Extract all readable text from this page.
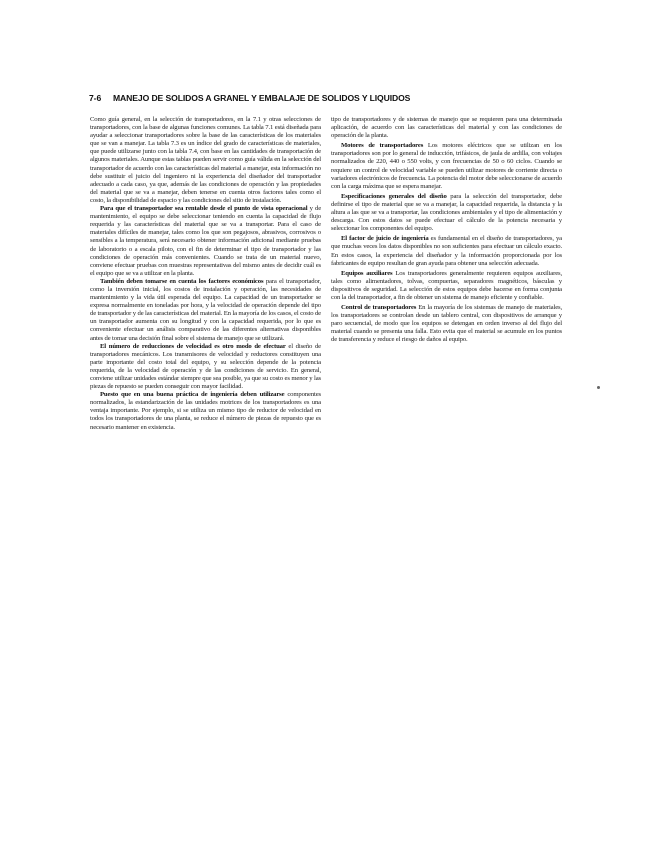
7-6 MANEJO DE SOLIDOS A GRANEL Y EMBALAJE DE SOLIDOS Y LIQUIDOS

Como guía general, en la selección de transportadores, en la 7.1 y otras selecciones de transportadores, con la base de algunas funciones comunes. La tabla 7.1 está diseñada para ayudar a seleccionar transportadores sobre la base de las características de los materiales que se van a manejar. La tabla 7.3 es un índice del grado de características de materiales, que puede utilizarse junto con la tabla 7.4, con base en las cantidades de transportación de algunos materiales. Aunque estas tablas pueden servir como guía válida en la selección del transportador de acuerdo con las características del material a manejar, esta información no debe sustituir el juicio del ingeniero ni la experiencia del diseñador del transportador adecuado a cada caso, ya que, además de las condiciones de operación y las propiedades del material que se va a manejar, deben tenerse en cuenta otros factores tales como el costo, la disponibilidad de espacio y las condiciones del sitio de instalación.

Para que el transportador sea rentable desde el punto de vista operacional y de mantenimiento, el equipo se debe seleccionar teniendo en cuenta la capacidad de flujo requerida y las características del material que se va a transportar. Para el caso de materiales difíciles de manejar, tales como los que son pegajosos, abrasivos, corrosivos o sensibles a la temperatura, será necesario obtener información adicional mediante pruebas de laboratorio o a escala piloto, con el fin de determinar el tipo de transportador y las condiciones de operación más convenientes. Cuando se trata de un material nuevo, conviene efectuar pruebas con muestras representativas del mismo antes de decidir cuál es el equipo que se va a utilizar en la planta.

También deben tomarse en cuenta los factores económicos para el transportador, como la inversión inicial, los costos de instalación y operación, las necesidades de mantenimiento y la vida útil esperada del equipo. La capacidad de un transportador se expresa normalmente en toneladas por hora, y la velocidad de operación depende del tipo de transportador y de las características del material. En la mayoría de los casos, el costo de un transportador aumenta con su longitud y con la capacidad requerida, por lo que es conveniente efectuar un análisis comparativo de las diferentes alternativas disponibles antes de tomar una decisión final sobre el sistema de manejo que se utilizará.

El número de reducciones de velocidad es otro modo de efectuar el diseño de transportadores mecánicos. Los transmisores de velocidad y reductores constituyen una parte importante del costo total del equipo, y su selección depende de la potencia requerida, de la velocidad de operación y de las condiciones de servicio. En general, conviene utilizar unidades estándar siempre que sea posible, ya que su costo es menor y las piezas de repuesto se pueden conseguir con mayor facilidad.

Puesto que en una buena práctica de ingeniería deben utilizarse componentes normalizados, la estandarización de las unidades motrices de los transportadores es una ventaja importante. Por ejemplo, si se utiliza un mismo tipo de reductor de velocidad en todos los transportadores de una planta, se reduce el número de piezas de repuesto que es necesario mantener en existencia.

tipo de transportadores y de sistemas de manejo que se requieren para una determinada aplicación, de acuerdo con las características del material y con las condiciones de operación de la planta.

Motores de transportadores Los motores eléctricos que se utilizan en los transportadores son por lo general de inducción, trifásicos, de jaula de ardilla, con voltajes normalizados de 220, 440 o 550 volts, y con frecuencias de 50 o 60 ciclos. Cuando se requiere un control de velocidad variable se pueden utilizar motores de corriente directa o variadores electrónicos de frecuencia. La potencia del motor debe seleccionarse de acuerdo con la carga máxima que se espera manejar.

Especificaciones generales del diseño para la selección del transportador, debe definirse el tipo de material que se va a manejar, la capacidad requerida, la distancia y la altura a las que se va a transportar, las condiciones ambientales y el tipo de alimentación y descarga. Con estos datos se puede efectuar el cálculo de la potencia necesaria y seleccionar los componentes del equipo.

El factor de juicio de ingeniería es fundamental en el diseño de transportadores, ya que muchas veces los datos disponibles no son suficientes para efectuar un cálculo exacto. En estos casos, la experiencia del diseñador y la información proporcionada por los fabricantes de equipo resultan de gran ayuda para obtener una selección adecuada.

Equipos auxiliares Los transportadores generalmente requieren equipos auxiliares, tales como alimentadores, tolvas, compuertas, separadores magnéticos, básculas y dispositivos de seguridad. La selección de estos equipos debe hacerse en forma conjunta con la del transportador, a fin de obtener un sistema de manejo eficiente y confiable.

Control de transportadores En la mayoría de los sistemas de manejo de materiales, los transportadores se controlan desde un tablero central, con dispositivos de arranque y paro secuencial, de modo que los equipos se detengan en orden inverso al del flujo del material cuando se presenta una falla. Esto evita que el material se acumule en los puntos de transferencia y reduce el riesgo de daños al equipo.
